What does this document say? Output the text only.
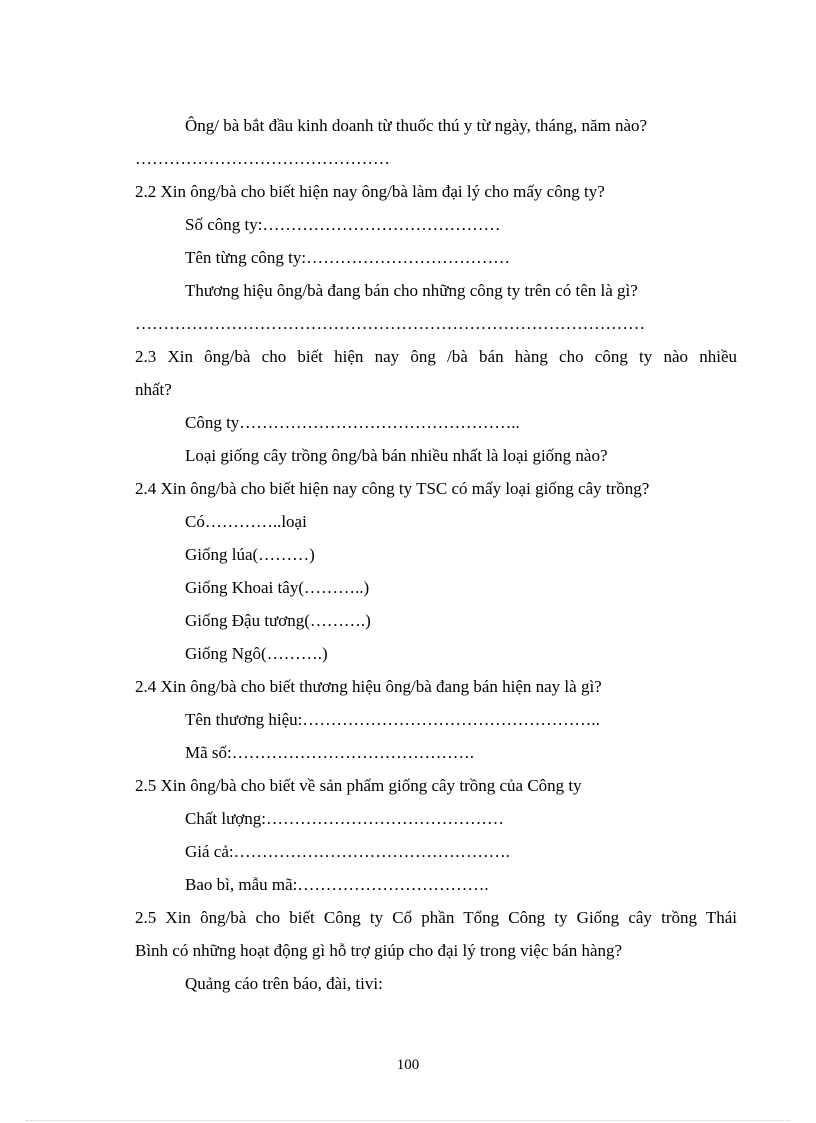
Ông/ bà bắt đầu kinh doanh từ thuốc thú y từ ngày, tháng, năm nào?
………………………………………
2.2 Xin ông/bà cho biết hiện nay ông/bà làm đại lý cho mấy công ty?
Số công ty:……………………………………
Tên từng công ty:………………………………
Thương hiệu ông/bà đang bán cho những công ty trên có tên là gì?
………………………………………………………………………………
2.3 Xin ông/bà cho biết hiện nay ông /bà bán hàng cho công ty nào nhiều
nhất?
Công ty…………………………………………..
Loại giống cây trồng ông/bà bán nhiều nhất là loại giống nào?
2.4 Xin ông/bà cho biết hiện nay công ty TSC có mấy loại giống cây trồng?
Có…………..loại
Giống lúa(………)
Giống Khoai tây(………..)
Giống Đậu tương(……….)
Giống Ngô(……….)
2.4 Xin ông/bà cho biết thương hiệu ông/bà đang bán hiện nay là gì?
Tên thương hiệu:……………………………………………..
Mã số:…………………………………….
2.5 Xin ông/bà cho biết về sản phẩm giống cây trồng của Công ty
Chất lượng:……………………………………
Giá cả:………………………………………….
Bao bì, mẫu mã:…………………………….
2.5 Xin ông/bà cho biết Công ty Cổ phần Tổng Công ty Giống cây trồng Thái
Bình có những hoạt động gì hỗ trợ giúp cho đại lý trong việc bán hàng?
Quảng cáo trên báo, đài, tivi:
100
